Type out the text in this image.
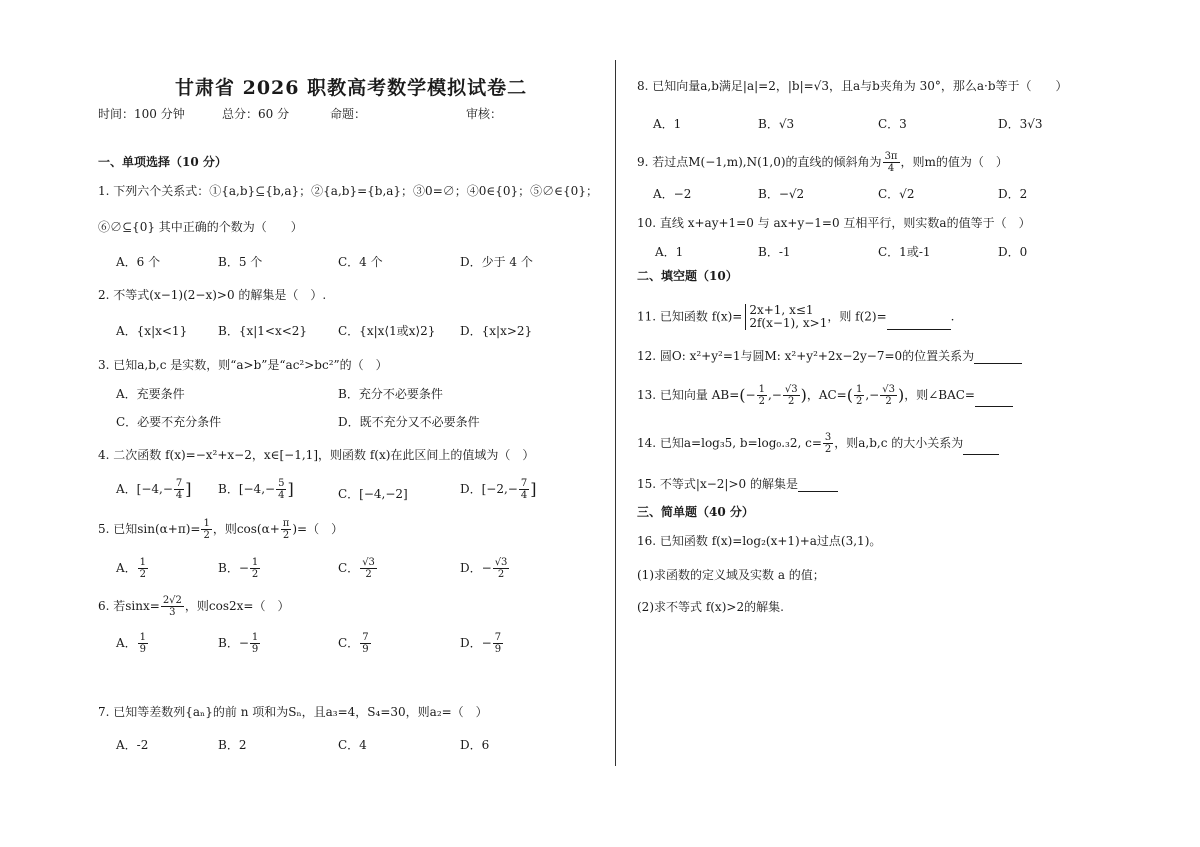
甘肃省 2026 职教高考数学模拟试卷二
时间：100 分钟	总分：60 分	命题：	审核：
一、单项选择（10 分）
1. 下列六个关系式：①{a,b}⊆{b,a}；②{a,b}={b,a}；③0=∅；④0∈{0}；⑤∅∈{0}；
⑥∅⊆{0} 其中正确的个数为（　　）
A．6 个	B．5 个	C．4 个	D．少于 4 个
2. 不等式(x−1)(2−x)>0 的解集是（　）.
A．{x|x<1}	B．{x|1<x<2}	C．{x|x⟨1或x⟩2} D．{x|x>2}
3. 已知a,b,c 是实数，则“a>b”是“ac²>bc²”的（　）
A．充要条件	B．充分不必要条件
C．必要不充分条件	D．既不充分又不必要条件
4. 二次函数 f(x)=−x²+x−2，x∈[−1,1]，则函数 f(x)在此区间上的值域为（　）
A．[$-4,- \frac{7}{4}$ ] B．[$-4,- \frac{5}{4}$ ]	C．[−4,−2]	D．[$-2,- \frac{7}{4}$ ]
5. 已知$\sin(\alpha+\pi)= \frac{1}{2}$ ，则$\cos(\alpha+ \frac{\pi}{2}$ )=（　）
A． $\frac{1}{2}$	B．− $\frac{1}{2}$	C． $\frac{√3}{2}$	D．− $\frac{√3}{2}$
6. 若$\sin x= \frac{2√2}{3}$ ，则cos2x=（　）
A． $\frac{1}{9}$	B．− $\frac{1}{9}$	C． $\frac{7}{9}$	D．− $\frac{7}{9}$
7. 已知等差数列{aₙ}的前 n 项和为Sₙ，且a₃=4，S₄=30，则a₂=（　）
A．-2	B．2	C．4	D．6
8. 已知向量a,b满足|a|=2，|b|=√3，且a与b夹角为 30°，那么a·b等于（　　）
A．1	B．√3	C．3	D．3√3
9. 若过点M(−1,m),N(1,0)的直线的倾斜角为 $\frac{3\pi}{4}$ ，则m的值为（　）
A．−2	B．−√2	C．√2	D．2
10. 直线 x+ay+1=0 与 ax+y−1=0 互相平行，则实数a的值等于（　）
A．1	B．-1	C．1或-1	D．0
二、填空题（10）
11. 已知函数 f(x)= 2x+1, x≤1
2f(x−1), x>1 ，则 f(2)=	.
12. 圆O: x²+y²=1与圆M: x²+y²+2x−2y−7=0的位置关系为
13. 已知向量 $AB=(- \frac{1}{2}$ ,− $\frac{√3}{2}$ )，$AC=( \frac{1}{2}$ ,− $\frac{√3}{2}$ )，则∠BAC=
14. 已知a=log₃5, b=log₀.₃2, $c= \frac{3}{2}$ ，则a,b,c 的大小关系为
15. 不等式|x−2|>0 的解集是
三、简单题（40 分）
16. 已知函数 f(x)=log₂(x+1)+a过点(3,1)。
(1)求函数的定义域及实数 a 的值；
(2)求不等式 f(x)>2的解集.
